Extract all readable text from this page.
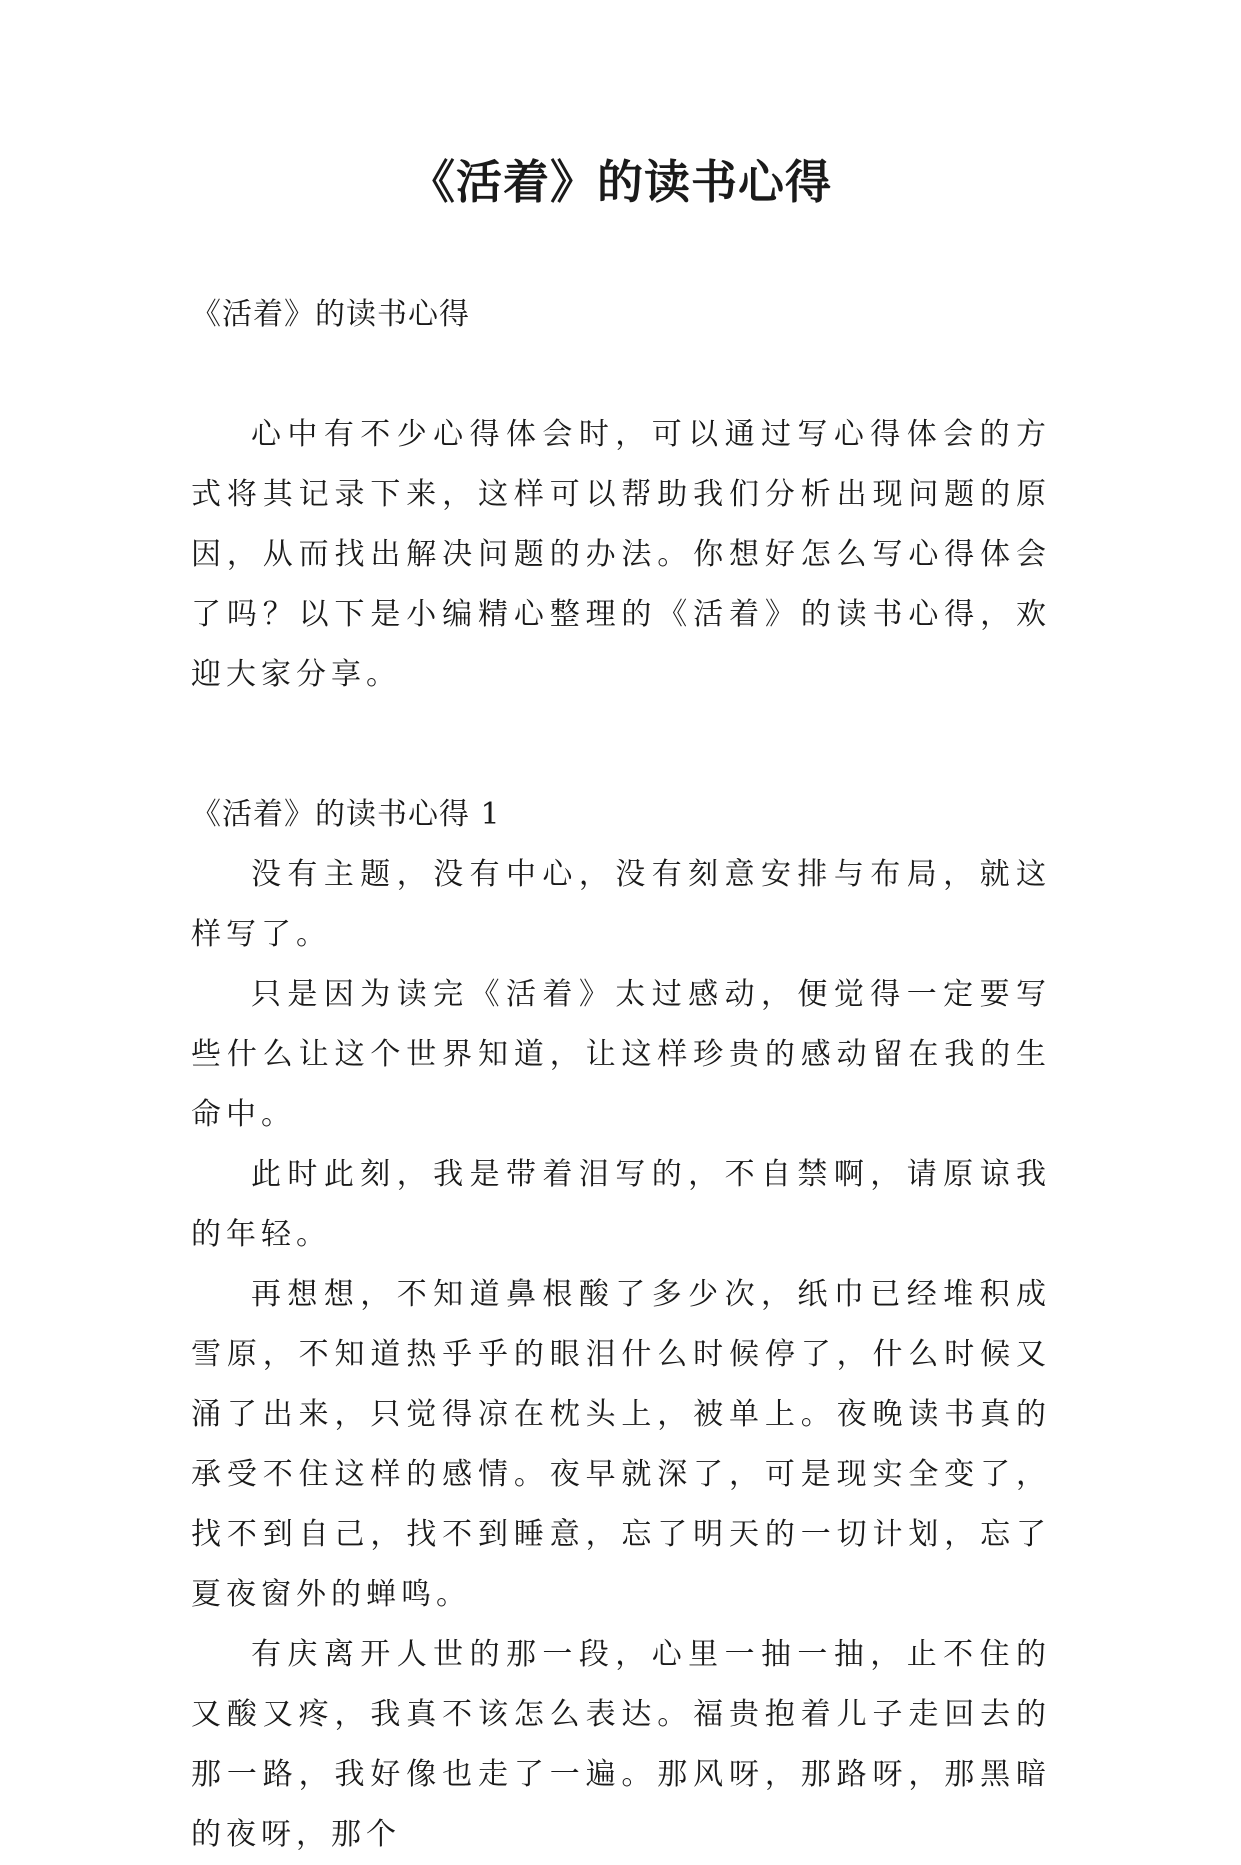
《活着》的读书心得

《活着》的读书心得

心中有不少心得体会时，可以通过写心得体会的方式将其记录下来，这样可以帮助我们分析出现问题的原因，从而找出解决问题的办法。你想好怎么写心得体会了吗？以下是小编精心整理的《活着》的读书心得，欢迎大家分享。

《活着》的读书心得 1

没有主题，没有中心，没有刻意安排与布局，就这样写了。

只是因为读完《活着》太过感动，便觉得一定要写些什么让这个世界知道，让这样珍贵的感动留在我的生命中。

此时此刻，我是带着泪写的，不自禁啊，请原谅我的年轻。

再想想，不知道鼻根酸了多少次，纸巾已经堆积成雪原，不知道热乎乎的眼泪什么时候停了，什么时候又涌了出来，只觉得凉在枕头上，被单上。夜晚读书真的承受不住这样的感情。夜早就深了，可是现实全变了，找不到自己，找不到睡意，忘了明天的一切计划，忘了夏夜窗外的蝉鸣。

有庆离开人世的那一段，心里一抽一抽，止不住的又酸又疼，我真不该怎么表达。福贵抱着儿子走回去的那一路，我好像也走了一遍。那风呀，那路呀，那黑暗的夜呀，那个
